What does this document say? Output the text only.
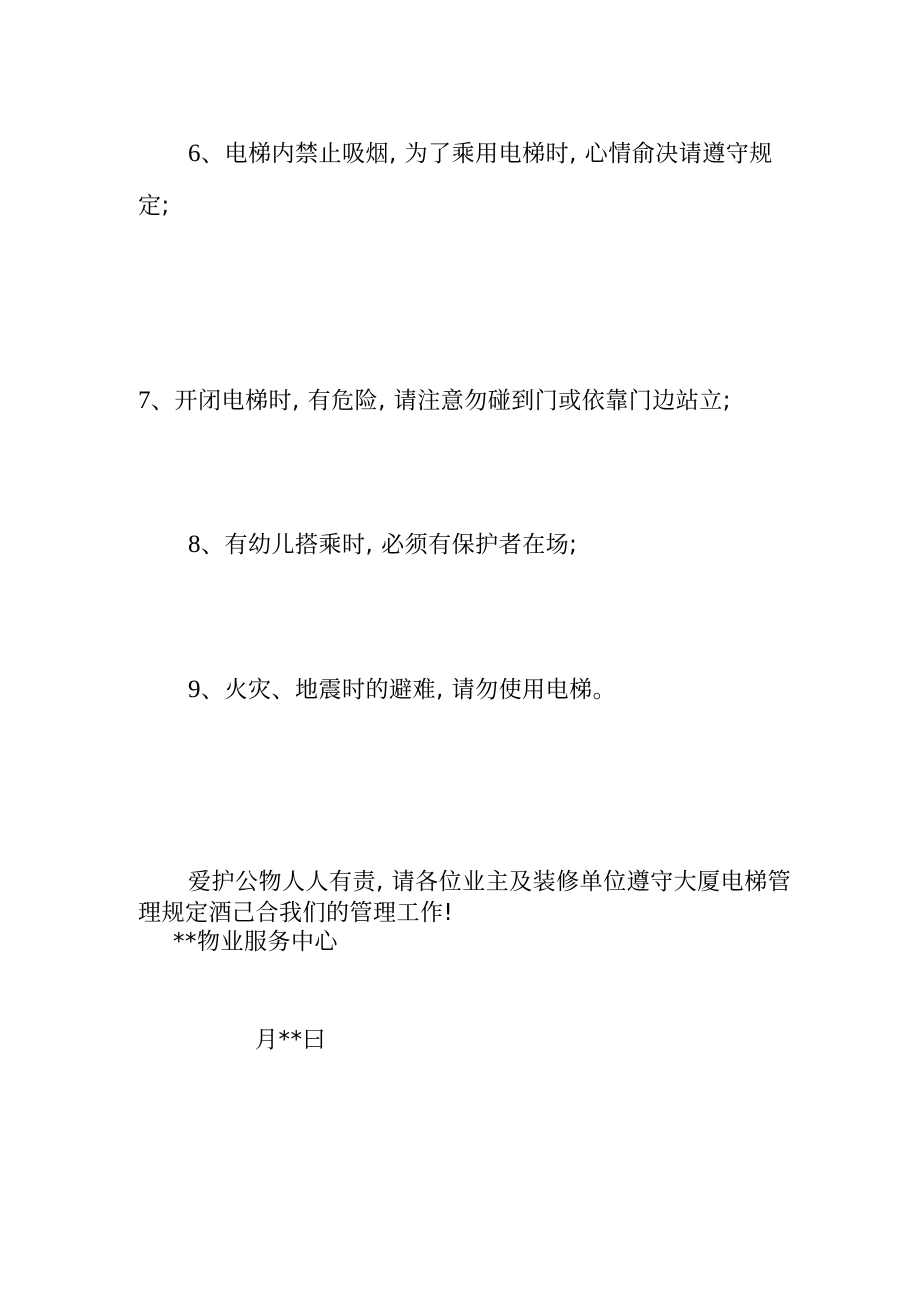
6、电梯内禁止吸烟, 为了乘用电梯时, 心情俞决请遵守规
定;
7、开闭电梯时, 有危险, 请注意勿碰到门或依靠门边站立;
8、有幼儿搭乘时, 必须有保护者在场;
9、火灾、地震时的避难, 请勿使用电梯。
爱护公物人人有责, 请各位业主及装修单位遵守大厦电梯管
理规定酒己合我们的管理工作!
**物业服务中心
月**曰
